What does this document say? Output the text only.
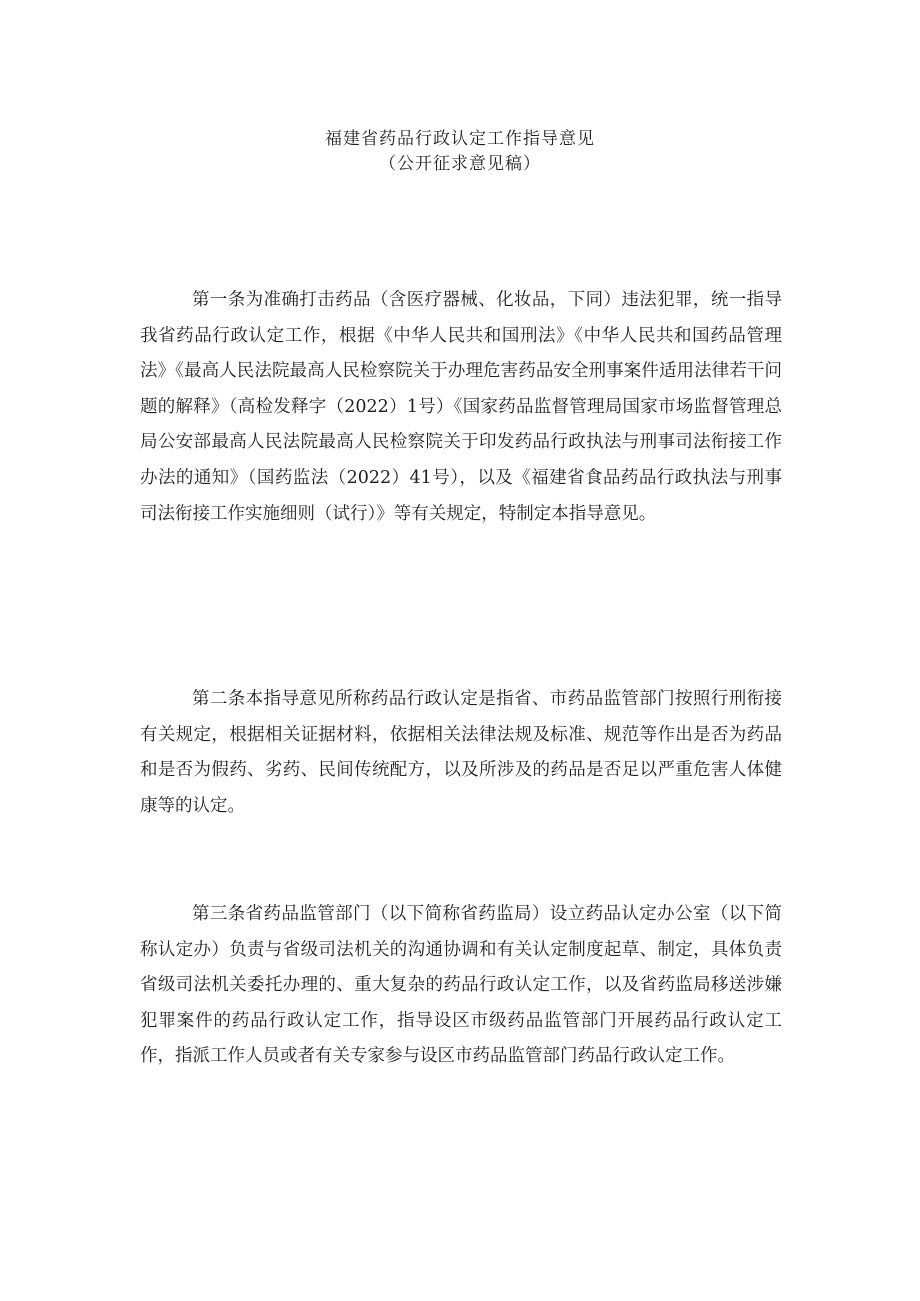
福建省药品行政认定工作指导意见
（公开征求意见稿）

第一条为准确打击药品（含医疗器械、化妆品，下同）违法犯罪，统一指导我省药品行政认定工作，根据《中华人民共和国刑法》《中华人民共和国药品管理法》《最高人民法院最高人民检察院关于办理危害药品安全刑事案件适用法律若干问题的解释》（高检发释字（2022）1号）《国家药品监督管理局国家市场监督管理总局公安部最高人民法院最高人民检察院关于印发药品行政执法与刑事司法衔接工作办法的通知》（国药监法（2022）41号），以及《福建省食品药品行政执法与刑事司法衔接工作实施细则（试行）》等有关规定，特制定本指导意见。

第二条本指导意见所称药品行政认定是指省、市药品监管部门按照行刑衔接有关规定，根据相关证据材料，依据相关法律法规及标准、规范等作出是否为药品和是否为假药、劣药、民间传统配方，以及所涉及的药品是否足以严重危害人体健康等的认定。

第三条省药品监管部门（以下简称省药监局）设立药品认定办公室（以下简称认定办）负责与省级司法机关的沟通协调和有关认定制度起草、制定，具体负责省级司法机关委托办理的、重大复杂的药品行政认定工作，以及省药监局移送涉嫌犯罪案件的药品行政认定工作，指导设区市级药品监管部门开展药品行政认定工作，指派工作人员或者有关专家参与设区市药品监管部门药品行政认定工作。
